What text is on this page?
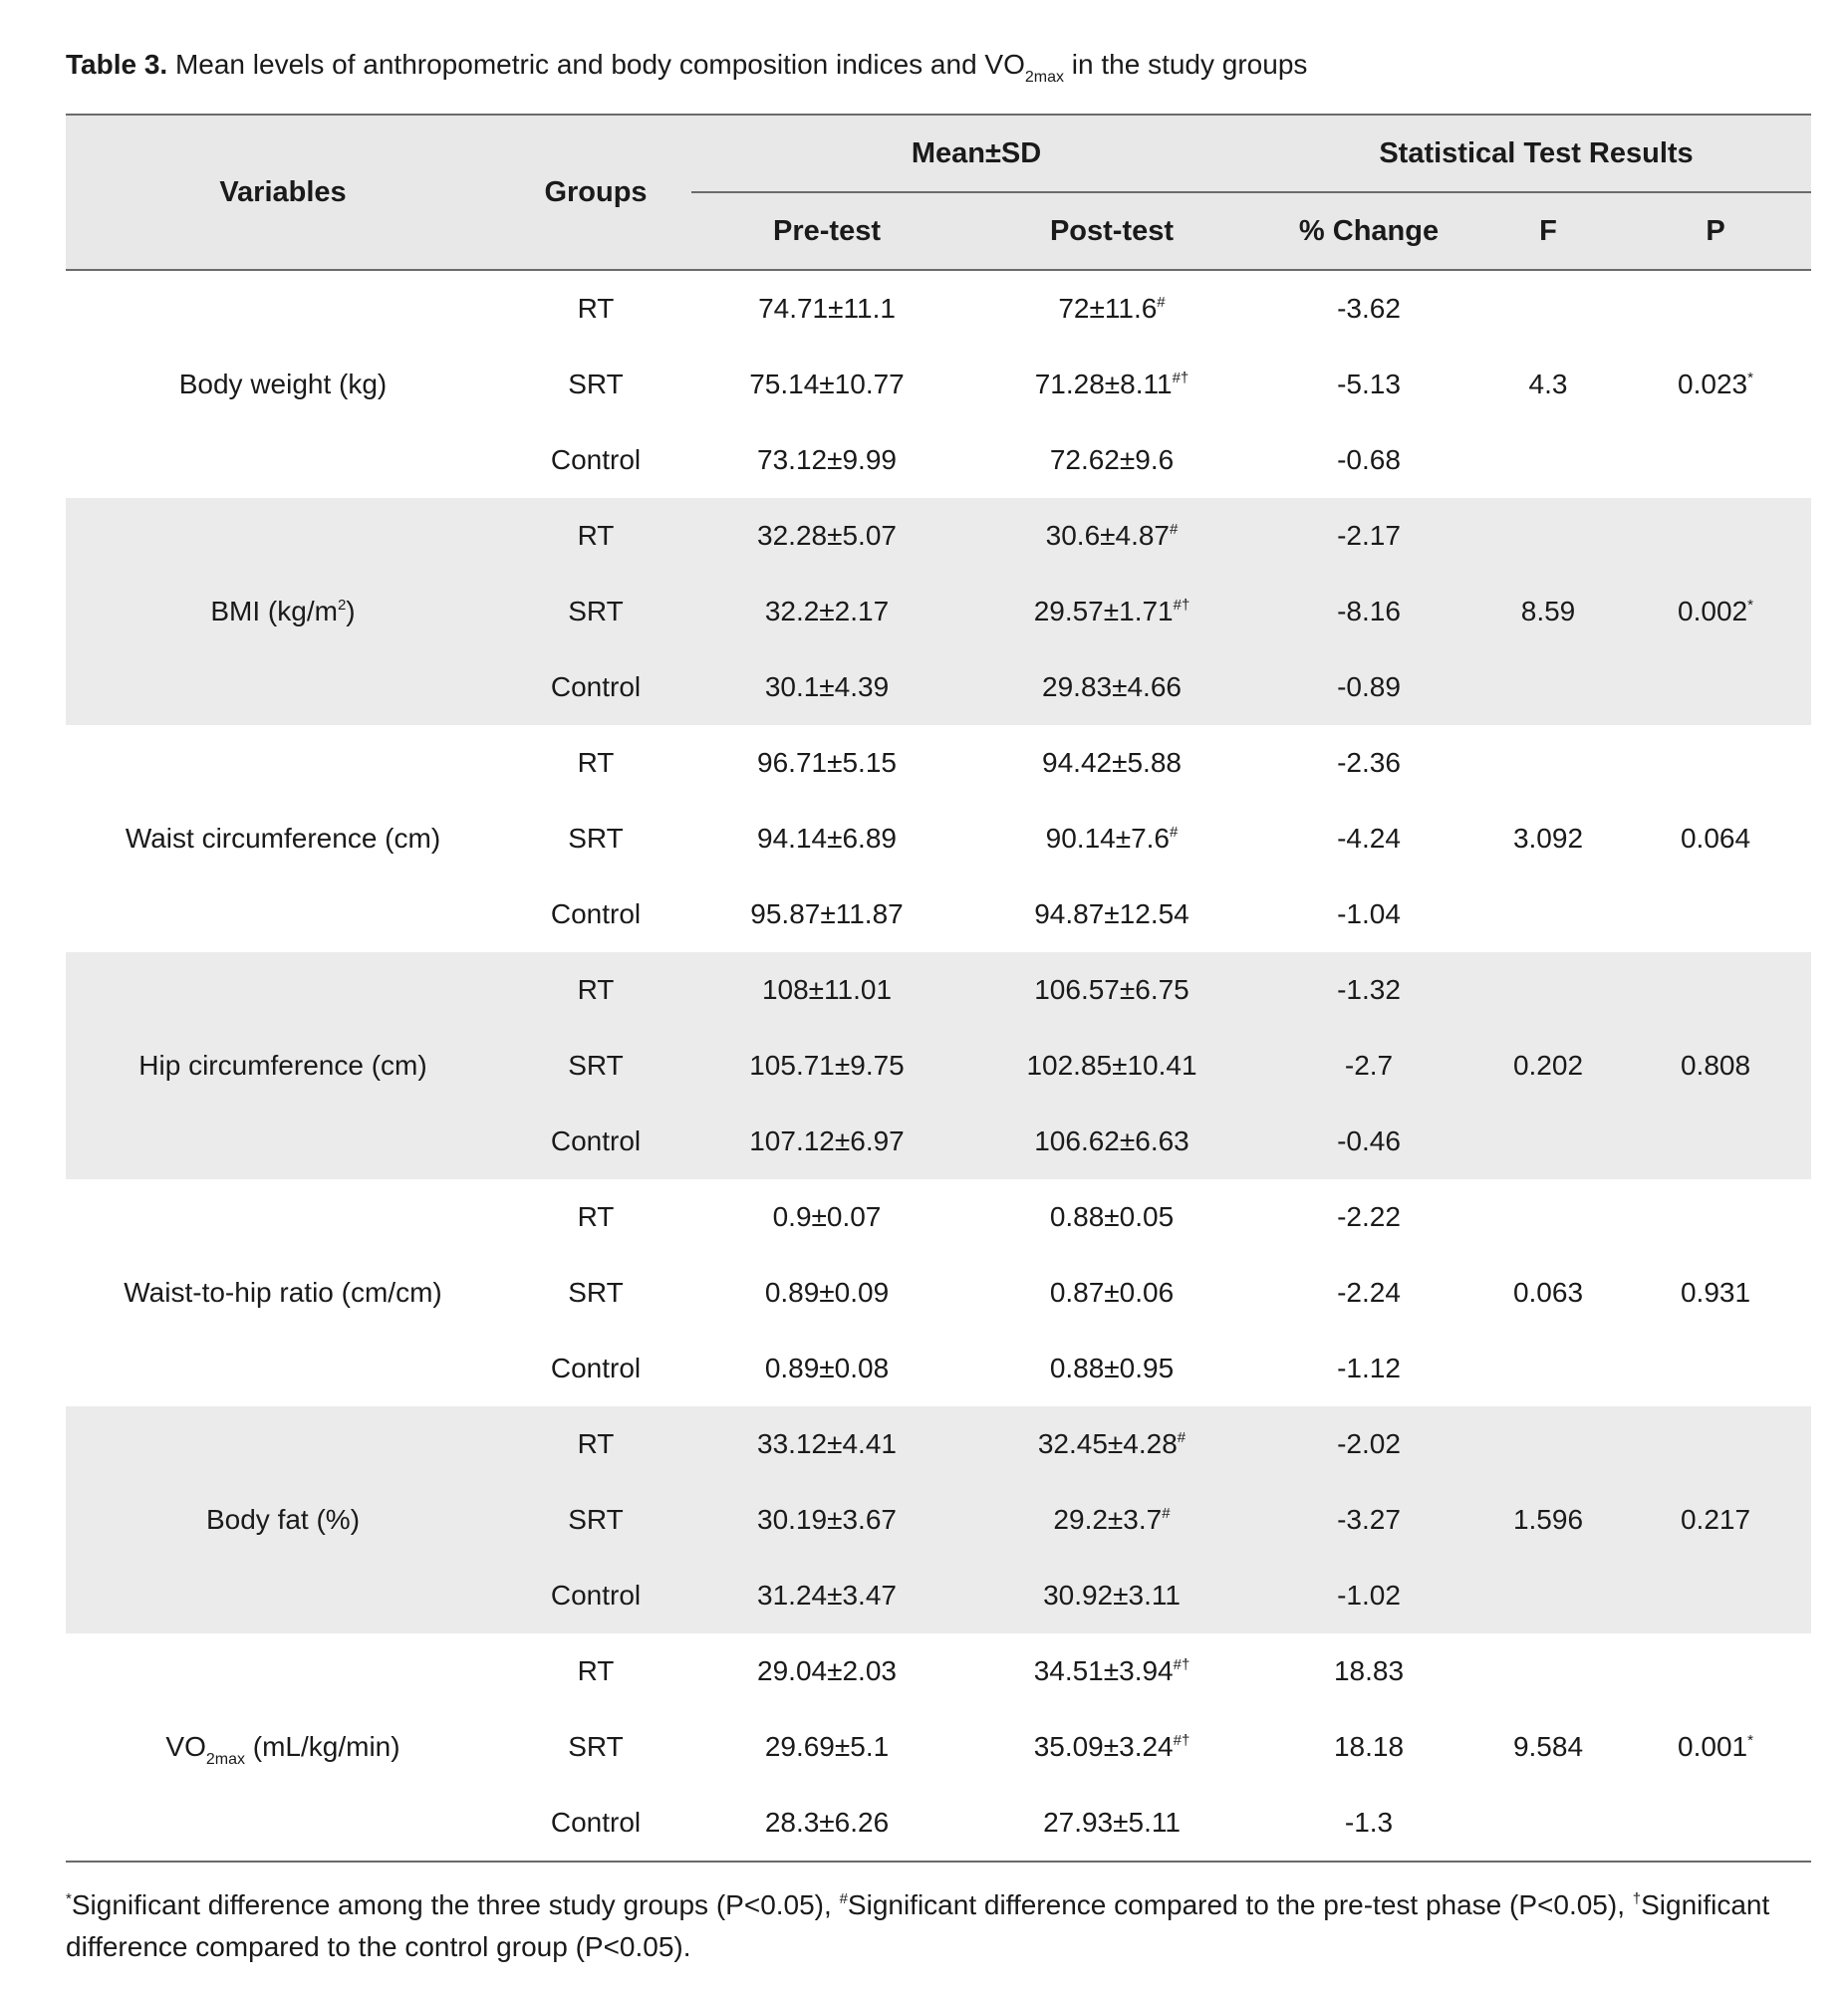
Table 3. Mean levels of anthropometric and body composition indices and $VO_{2max}$ in the study groups
Variables	Groups	Mean±SD		Statistical Test Results		
		Pre-test	Post-test	% Change	F	P
Body weight (kg)	RT	74.71±11.1	72±11.6#	-3.62	4.3	0.023*
	SRT	75.14±10.77	71.28±8.11#†	-5.13		
	Control	73.12±9.99	72.62±9.6	-0.68		
BMI $(kg/m^2)$	RT	32.28±5.07	30.6±4.87#	-2.17	8.59	0.002*
	SRT	32.2±2.17	29.57±1.71#†	-8.16		
	Control	30.1±4.39	29.83±4.66	-0.89		
Waist circumference (cm)	RT	96.71±5.15	94.42±5.88	-2.36	3.092	0.064
	SRT	94.14±6.89	90.14±7.6#	-4.24		
	Control	95.87±11.87	94.87±12.54	-1.04		
Hip circumference (cm)	RT	108±11.01	106.57±6.75	-1.32	0.202	0.808
	SRT	105.71±9.75	102.85±10.41	-2.7		
	Control	107.12±6.97	106.62±6.63	-0.46		
Waist-to-hip ratio (cm/cm)	RT	0.9±0.07	0.88±0.05	-2.22	0.063	0.931
	SRT	0.89±0.09	0.87±0.06	-2.24		
	Control	0.89±0.08	0.88±0.95	-1.12		
Body fat (%)	RT	33.12±4.41	32.45±4.28#	-2.02	1.596	0.217
	SRT	30.19±3.67	29.2±3.7#	-3.27		
	Control	31.24±3.47	30.92±3.11	-1.02		
$VO_{2max}$ (mL/kg/min)	RT	29.04±2.03	34.51±3.94#†	18.83	9.584	0.001*
	SRT	29.69±5.1	35.09±3.24#†	18.18		
	Control	28.3±6.26	27.93±5.11	-1.3		
*Significant difference among the three study groups (P<0.05), #Significant difference compared to the pre-test phase (P<0.05), †Significant difference compared to the control group (P<0.05).
